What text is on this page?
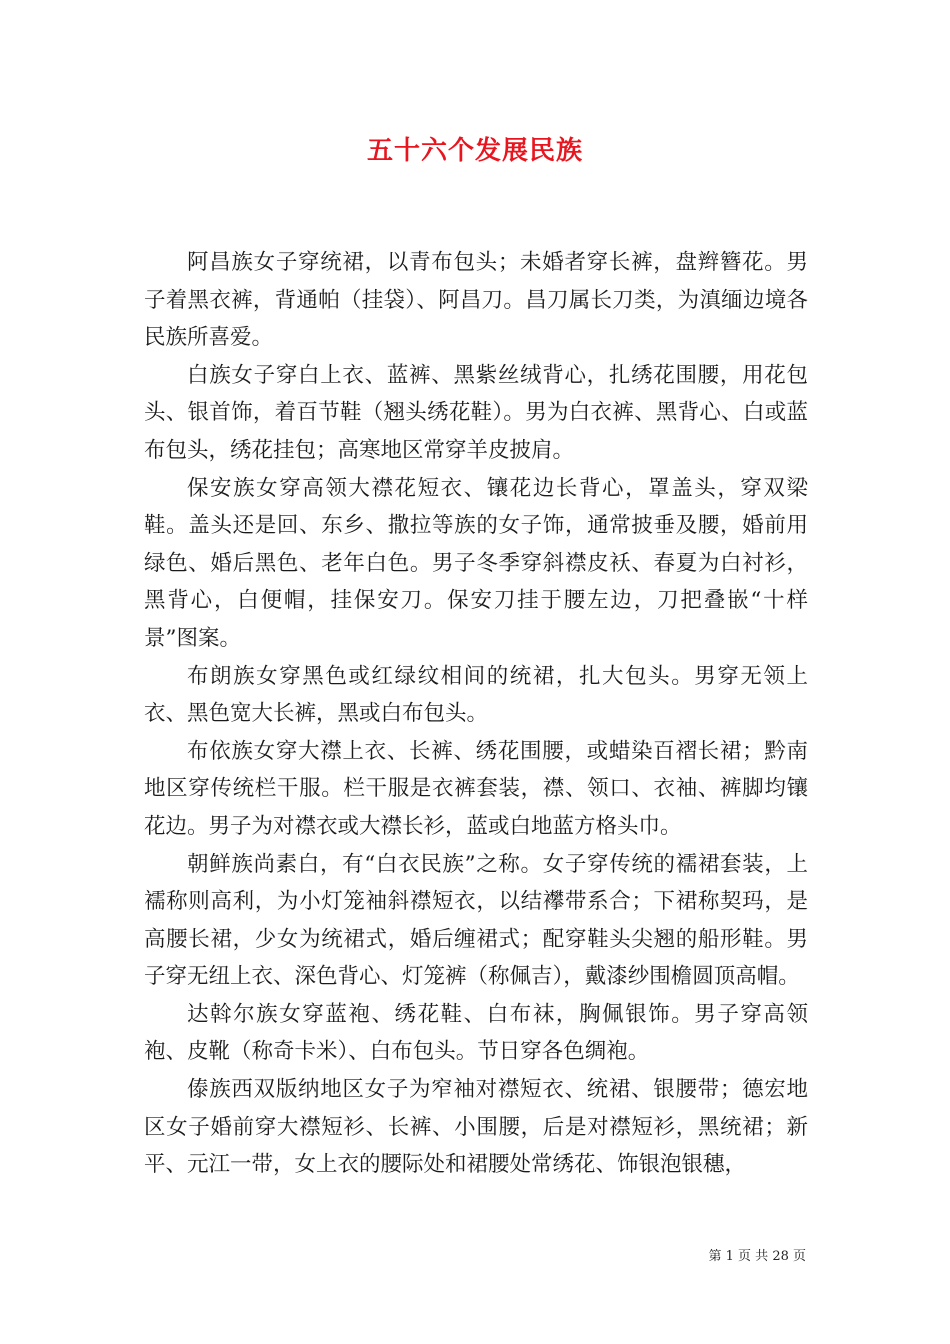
五十六个发展民族

阿昌族女子穿统裙，以青布包头；未婚者穿长裤，盘辫簪花。男子着黑衣裤，背通帕（挂袋）、阿昌刀。昌刀属长刀类，为滇缅边境各民族所喜爱。

白族女子穿白上衣、蓝裤、黑紫丝绒背心，扎绣花围腰，用花包头、银首饰，着百节鞋（翘头绣花鞋）。男为白衣裤、黑背心、白或蓝布包头，绣花挂包；高寒地区常穿羊皮披肩。

保安族女穿高领大襟花短衣、镶花边长背心，罩盖头，穿双梁鞋。盖头还是回、东乡、撒拉等族的女子饰，通常披垂及腰，婚前用绿色、婚后黑色、老年白色。男子冬季穿斜襟皮袄、春夏为白衬衫，黑背心，白便帽，挂保安刀。保安刀挂于腰左边，刀把叠嵌“十样景”图案。

布朗族女穿黑色或红绿纹相间的统裙，扎大包头。男穿无领上衣、黑色宽大长裤，黑或白布包头。

布依族女穿大襟上衣、长裤、绣花围腰，或蜡染百褶长裙；黔南地区穿传统栏干服。栏干服是衣裤套装，襟、领口、衣袖、裤脚均镶花边。男子为对襟衣或大襟长衫，蓝或白地蓝方格头巾。

朝鲜族尚素白，有“白衣民族”之称。女子穿传统的襦裙套装，上襦称则高利，为小灯笼袖斜襟短衣，以结襻带系合；下裙称契玛，是高腰长裙，少女为统裙式，婚后缠裙式；配穿鞋头尖翘的船形鞋。男子穿无纽上衣、深色背心、灯笼裤（称佩吉），戴漆纱围檐圆顶高帽。

达斡尔族女穿蓝袍、绣花鞋、白布袜，胸佩银饰。男子穿高领袍、皮靴（称奇卡米）、白布包头。节日穿各色绸袍。

傣族西双版纳地区女子为窄袖对襟短衣、统裙、银腰带；德宏地区女子婚前穿大襟短衫、长裤、小围腰，后是对襟短衫，黑统裙；新平、元江一带，女上衣的腰际处和裙腰处常绣花、饰银泡银穗，

第 1 页 共 28 页
